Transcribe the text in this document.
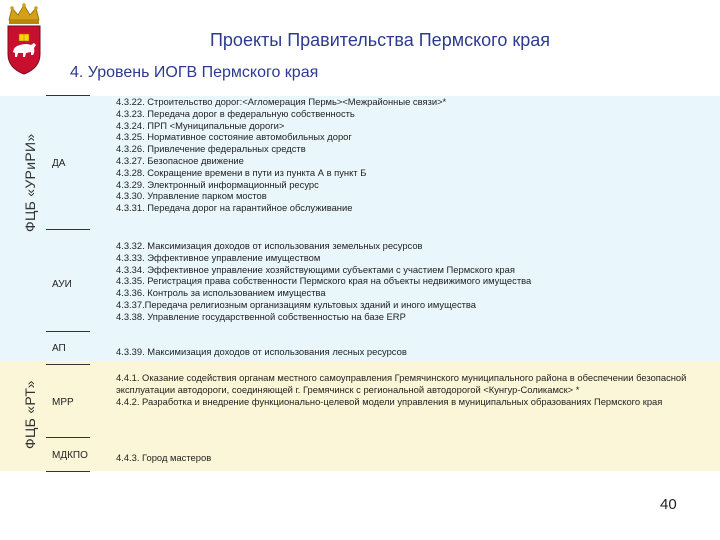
Проекты Правительства Пермского края
4. Уровень ИОГВ Пермского края
ФЦБ «УРиРИ»
ФЦБ «РТ»
ДА
4.3.22. Строительство дорог:<Агломерация Пермь><Межрайонные связи>*
4.3.23. Передача дорог в федеральную собственность
4.3.24. ПРП <Муниципальные дороги>
4.3.25. Нормативное состояние автомобильных дорог
4.3.26. Привлечение федеральных средств
4.3.27. Безопасное движение
4.3.28. Сокращение времени в пути из пункта А в пункт Б
4.3.29. Электронный информационный ресурс
4.3.30. Управление парком мостов
4.3.31. Передача дорог на гарантийное обслуживание
АУИ
4.3.32. Максимизация доходов от использования земельных ресурсов
4.3.33. Эффективное управление имуществом
4.3.34. Эффективное управление хозяйствующими субъектами с участием Пермского края
4.3.35. Регистрация права собственности Пермского края на объекты недвижимого имущества
4.3.36. Контроль за использованием имущества
4.3.37.Передача религиозным организациям культовых зданий и иного имущества
4.3.38. Управление государственной собственностью на базе ERP
АП	4.3.39. Максимизация доходов от использования лесных ресурсов
МРР
4.4.1. Оказание содействия органам местного самоуправления Гремячинского муниципального района в обеспечении безопасной эксплуатации автодороги, соединяющей г. Гремячинск с региональной автодорогой <Кунгур-Соликамск> *
4.4.2. Разработка и внедрение функционально-целевой модели управления в муниципальных образованиях Пермского края
МДКПО	4.4.3. Город мастеров
40
